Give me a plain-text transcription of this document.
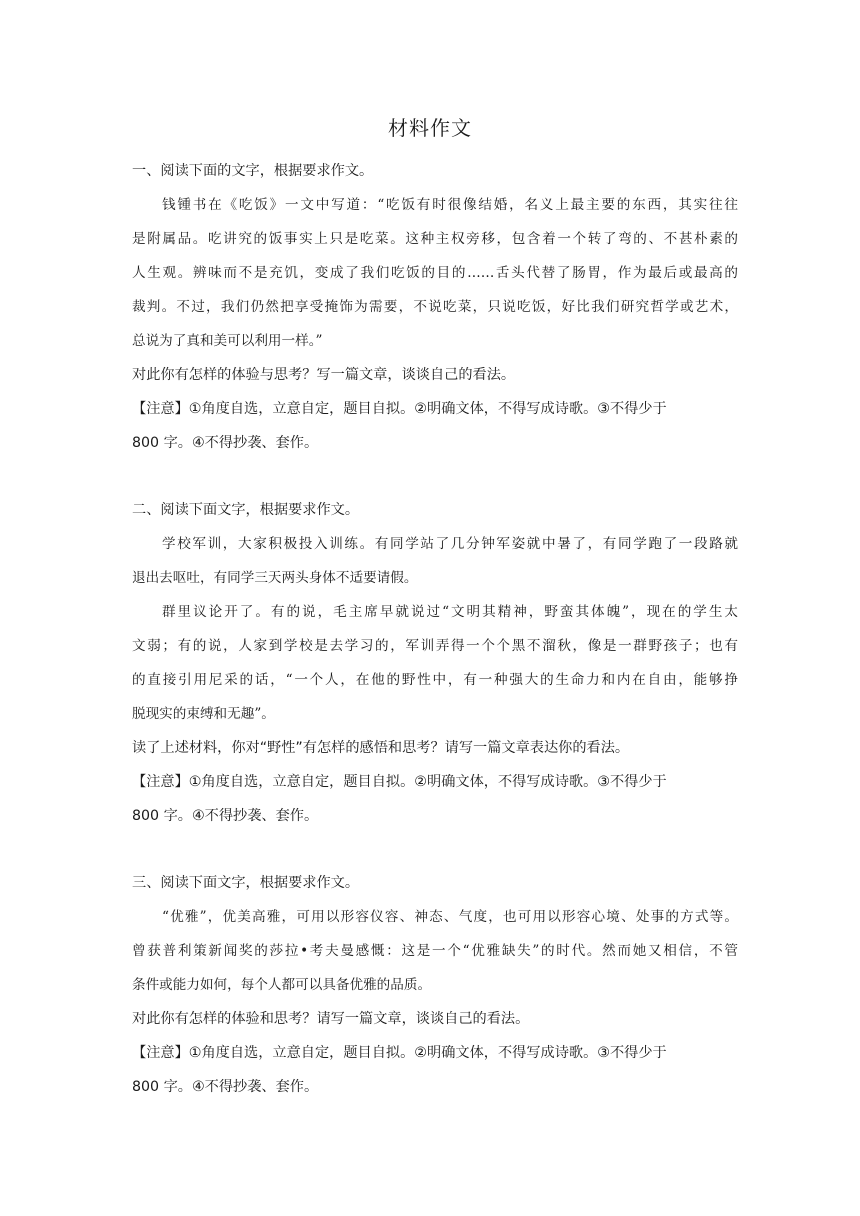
材料作文
一、阅读下面的文字，根据要求作文。
钱锺书在《吃饭》一文中写道：“吃饭有时很像结婚，名义上最主要的东西，其实往往
是附属品。吃讲究的饭事实上只是吃菜。这种主权旁移，包含着一个转了弯的、不甚朴素的
人生观。辨味而不是充饥，变成了我们吃饭的目的……舌头代替了肠胃，作为最后或最高的
裁判。不过，我们仍然把享受掩饰为需要，不说吃菜，只说吃饭，好比我们研究哲学或艺术，
总说为了真和美可以利用一样。”
对此你有怎样的体验与思考？写一篇文章，谈谈自己的看法。
【注意】①角度自选，立意自定，题目自拟。②明确文体，不得写成诗歌。③不得少于
800 字。④不得抄袭、套作。
二、阅读下面文字，根据要求作文。
学校军训，大家积极投入训练。有同学站了几分钟军姿就中暑了，有同学跑了一段路就
退出去呕吐，有同学三天两头身体不适要请假。
群里议论开了。有的说，毛主席早就说过“文明其精神，野蛮其体魄”，现在的学生太
文弱；有的说，人家到学校是去学习的，军训弄得一个个黑不溜秋，像是一群野孩子；也有
的直接引用尼采的话，“一个人，在他的野性中，有一种强大的生命力和内在自由，能够挣
脱现实的束缚和无趣”。
读了上述材料，你对“野性”有怎样的感悟和思考？请写一篇文章表达你的看法。
【注意】①角度自选，立意自定，题目自拟。②明确文体，不得写成诗歌。③不得少于
800 字。④不得抄袭、套作。
三、阅读下面文字，根据要求作文。
“优雅”，优美高雅，可用以形容仪容、神态、气度，也可用以形容心境、处事的方式等。
曾获普利策新闻奖的莎拉•考夫曼感慨：这是一个“优雅缺失”的时代。然而她又相信，不管
条件或能力如何，每个人都可以具备优雅的品质。
对此你有怎样的体验和思考？请写一篇文章，谈谈自己的看法。
【注意】①角度自选，立意自定，题目自拟。②明确文体，不得写成诗歌。③不得少于
800 字。④不得抄袭、套作。
